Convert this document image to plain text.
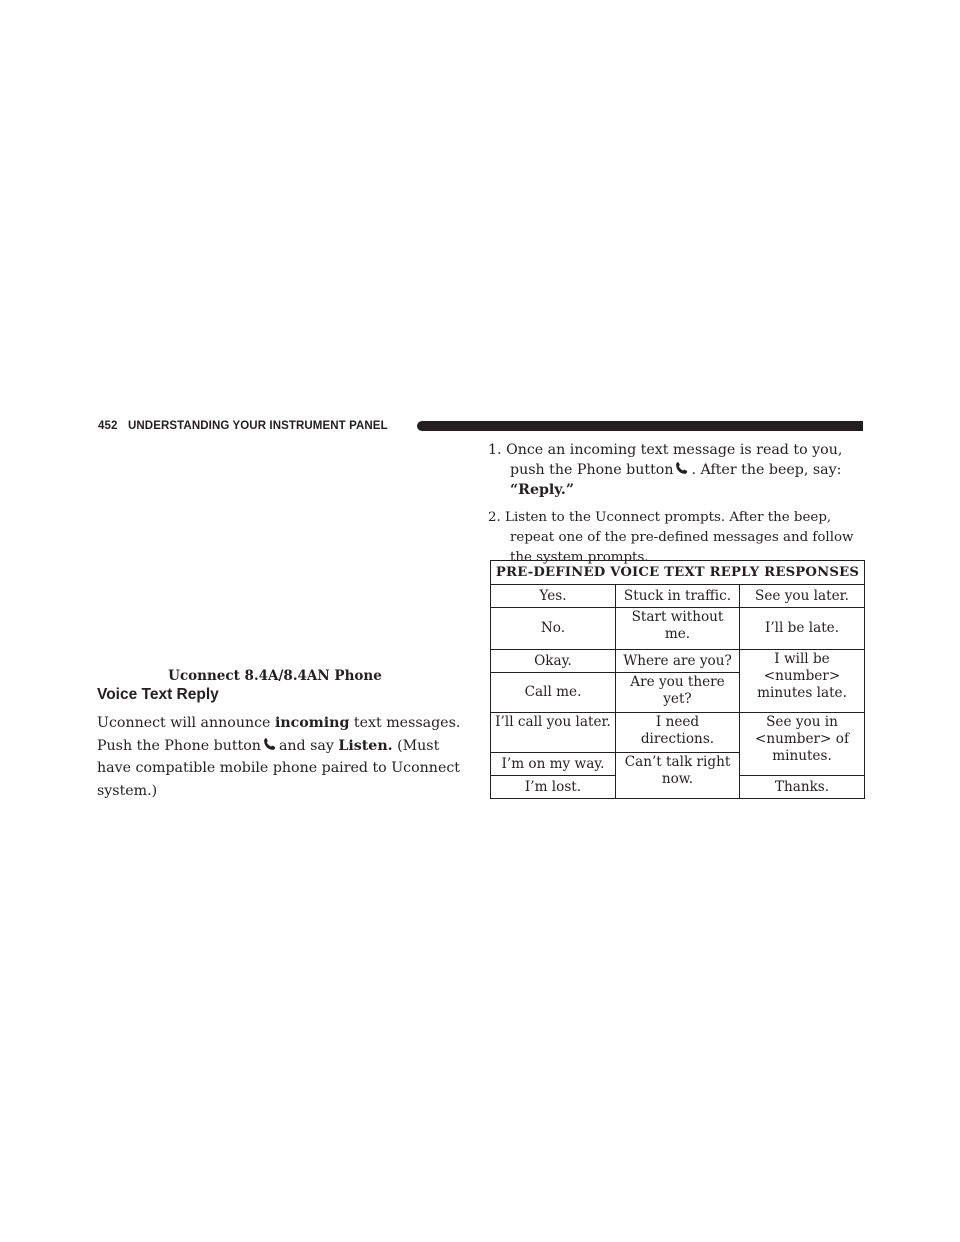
452 UNDERSTANDING YOUR INSTRUMENT PANEL
Uconnect 8.4A/8.4AN Phone
Voice Text Reply
Uconnect will announce incoming text messages. Push the Phone button and say Listen. (Must have compatible mobile phone paired to Uconnect system.)
1. Once an incoming text message is read to you, push the Phone button . After the beep, say: “Reply.”
2. Listen to the Uconnect prompts. After the beep, repeat one of the pre-defined messages and follow the system prompts.
PRE-DEFINED VOICE TEXT REPLY RESPONSES		
Yes.	Stuck in traffic.	See you later.
No.	Start without me.	I’ll be late.
Okay.	Where are you?	I will be <number> minutes late.
Call me.	Are you there yet?	
I’ll call you later.	I need directions.	See you in <number> of minutes.
I’m on my way.	Can’t talk right now.	
I’m lost.		Thanks.
